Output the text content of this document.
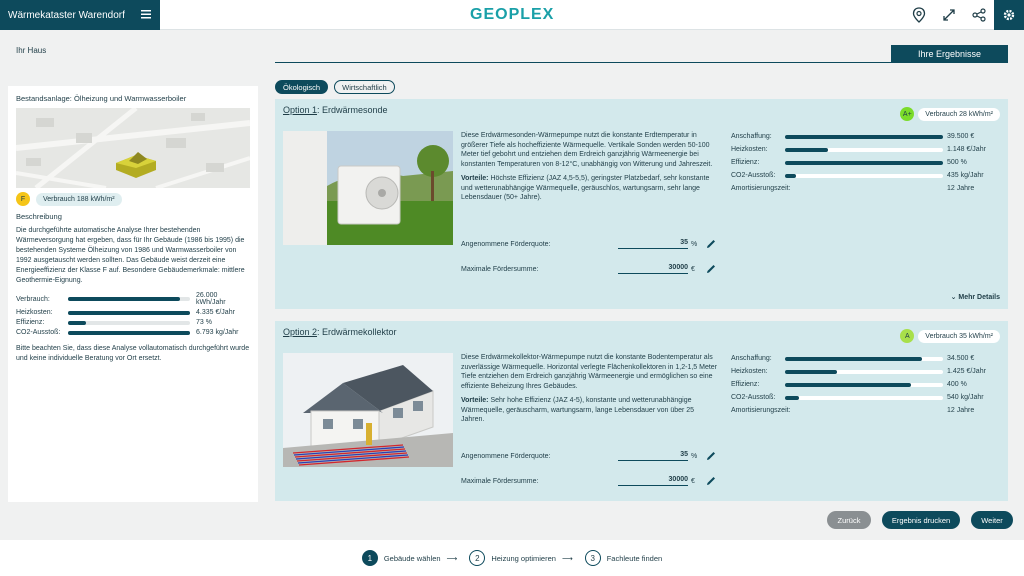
Wärmekataster Warendorf	GEOPLEX
Ihr Haus	Ihre Ergebnisse
Bestandsanlage: Ölheizung und Warmwasserboiler
F	Verbrauch 188 kWh/m²
Beschreibung

Die durchgeführte automatische Analyse Ihrer bestehenden Wärmeversorgung hat ergeben, dass für Ihr Gebäude (1986 bis 1995) die bestehenden Systeme Ölheizung von 1986 und Warmwasserboiler von 1992 ausgetauscht werden sollten. Das Gebäude weist derzeit eine Energieeffizienz der Klasse F auf. Besondere Gebäudemerkmale: mittlere Geothermie-Eignung.

Verbrauch:	26.000 kWh/Jahr
Heizkosten:	4.335 €/Jahr
Effizienz:	73 %
CO2-Ausstoß:	6.793 kg/Jahr

Bitte beachten Sie, dass diese Analyse vollautomatisch durchgeführt wurde und keine individuelle Beratung vor Ort ersetzt.

Ökologisch	Wirtschaftlich
Option 1: Erdwärmesonde	A+	Verbrauch 28 kWh/m²
Diese Erdwärmesonden-Wärmepumpe nutzt die konstante Erdtemperatur in größerer Tiefe als hocheffiziente Wärmequelle. Vertikale Sonden werden 50-100 Meter tief gebohrt und entziehen dem Erdreich ganzjährig Wärmeenergie bei konstanten Temperaturen von 8-12°C, unabhängig von Witterung und Jahreszeit.
Vorteile: Höchste Effizienz (JAZ 4,5-5,5), geringster Platzbedarf, sehr konstante und wetterunabhängige Wärmequelle, geräuschlos, wartungsarm, sehr lange Lebensdauer (50+ Jahre).
Angenommene Förderquote:	35 %
Maximale Fördersumme:	30000 €
Anschaffung:	39.500 €
Heizkosten:	1.148 €/Jahr
Effizienz:	500 %
CO2-Ausstoß:	435 kg/Jahr
Amortisierungszeit:	12 Jahre
⌄ Mehr Details
Option 2: Erdwärmekollektor	A	Verbrauch 35 kWh/m²
Diese Erdwärmekollektor-Wärmepumpe nutzt die konstante Bodentemperatur als zuverlässige Wärmequelle. Horizontal verlegte Flächenkollektoren in 1,2-1,5 Meter Tiefe entziehen dem Erdreich ganzjährig Wärmeenergie und ermöglichen so eine effiziente Beheizung Ihres Gebäudes.
Vorteile: Sehr hohe Effizienz (JAZ 4-5), konstante und wetterunabhängige Wärmequelle, geräuscharm, wartungsarm, lange Lebensdauer von über 25 Jahren.
Angenommene Förderquote:	35 %
Maximale Fördersumme:	30000 €
Anschaffung:	34.500 €
Heizkosten:	1.425 €/Jahr
Effizienz:	400 %
CO2-Ausstoß:	540 kg/Jahr
Amortisierungszeit:	12 Jahre
Zurück	Ergebnis drucken	Weiter
1	Gebäude wählen ⟶	2	Heizung optimieren ⟶	3	Fachleute finden
